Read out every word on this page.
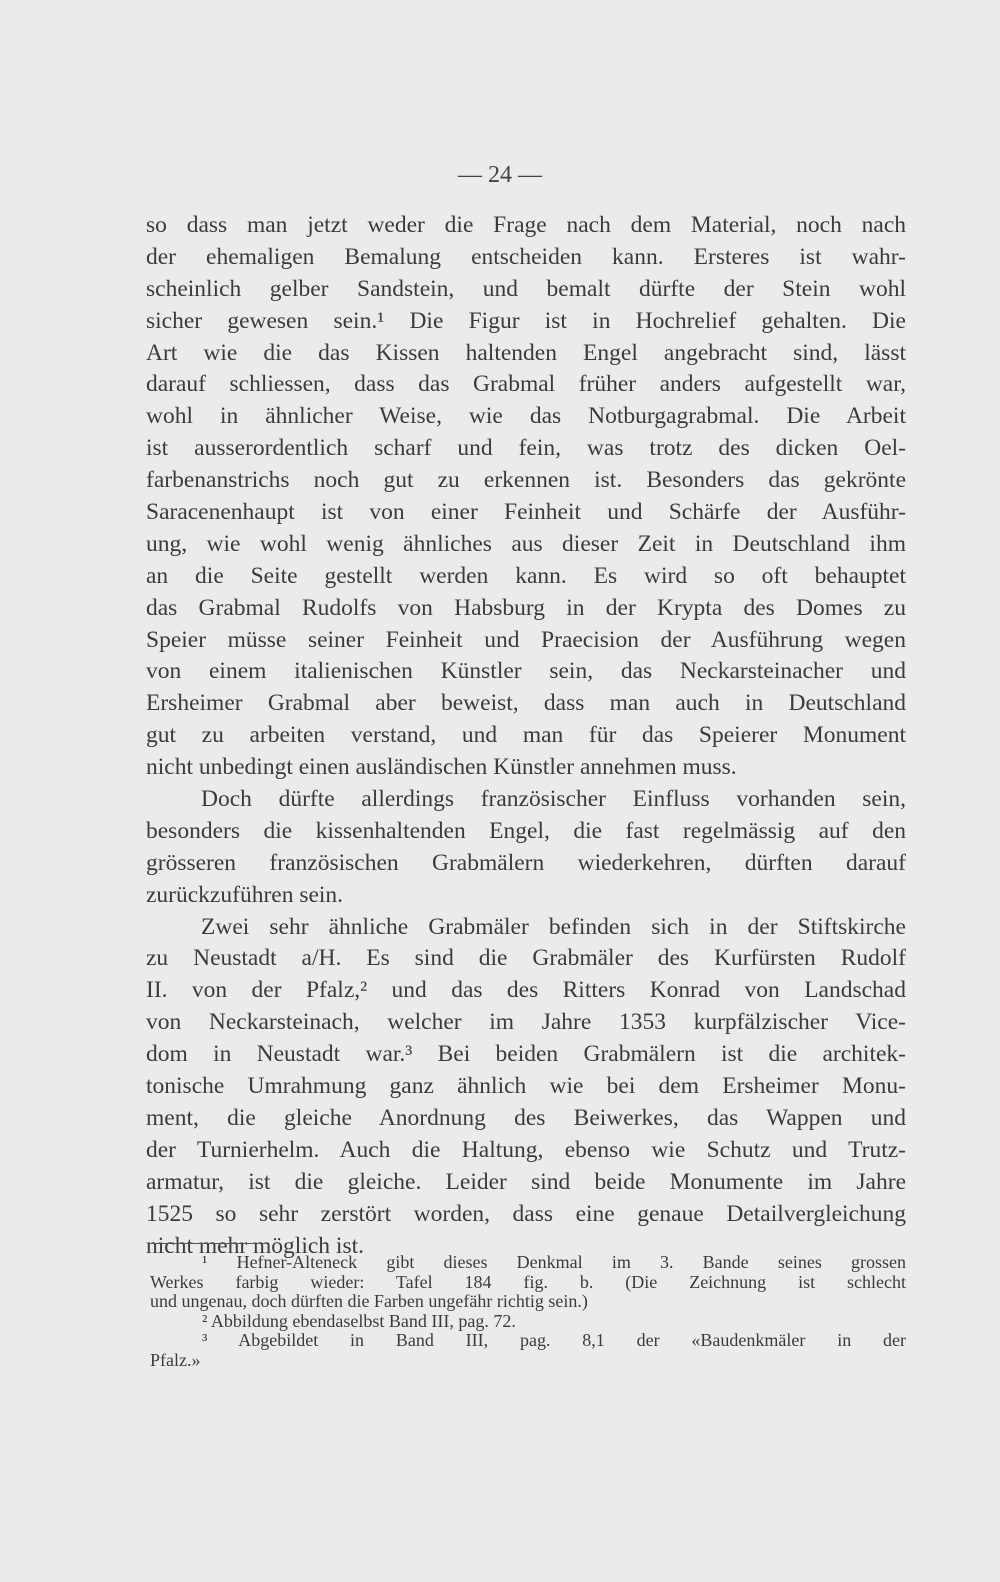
— 24 —
so dass man jetzt weder die Frage nach dem Material, noch nach
der ehemaligen Bemalung entscheiden kann. Ersteres ist wahr-
scheinlich gelber Sandstein, und bemalt dürfte der Stein wohl
sicher gewesen sein.¹ Die Figur ist in Hochrelief gehalten. Die
Art wie die das Kissen haltenden Engel angebracht sind, lässt
darauf schliessen, dass das Grabmal früher anders aufgestellt war,
wohl in ähnlicher Weise, wie das Notburgagrabmal. Die Arbeit
ist ausserordentlich scharf und fein, was trotz des dicken Oel-
farbenanstrichs noch gut zu erkennen ist. Besonders das gekrönte
Saracenenhaupt ist von einer Feinheit und Schärfe der Ausführ-
ung, wie wohl wenig ähnliches aus dieser Zeit in Deutschland ihm
an die Seite gestellt werden kann. Es wird so oft behauptet
das Grabmal Rudolfs von Habsburg in der Krypta des Domes zu
Speier müsse seiner Feinheit und Praecision der Ausführung wegen
von einem italienischen Künstler sein, das Neckarsteinacher und
Ersheimer Grabmal aber beweist, dass man auch in Deutschland
gut zu arbeiten verstand, und man für das Speierer Monument
nicht unbedingt einen ausländischen Künstler annehmen muss.
Doch dürfte allerdings französischer Einfluss vorhanden sein,
besonders die kissenhaltenden Engel, die fast regelmässig auf den
grösseren französischen Grabmälern wiederkehren, dürften darauf
zurückzuführen sein.
Zwei sehr ähnliche Grabmäler befinden sich in der Stiftskirche
zu Neustadt a/H. Es sind die Grabmäler des Kurfürsten Rudolf
II. von der Pfalz,² und das des Ritters Konrad von Landschad
von Neckarsteinach, welcher im Jahre 1353 kurpfälzischer Vice-
dom in Neustadt war.³ Bei beiden Grabmälern ist die architek-
tonische Umrahmung ganz ähnlich wie bei dem Ersheimer Monu-
ment, die gleiche Anordnung des Beiwerkes, das Wappen und
der Turnierhelm. Auch die Haltung, ebenso wie Schutz und Trutz-
armatur, ist die gleiche. Leider sind beide Monumente im Jahre
1525 so sehr zerstört worden, dass eine genaue Detailvergleichung
nicht mehr möglich ist.
¹ Hefner-Alteneck gibt dieses Denkmal im 3. Bande seines grossen
Werkes farbig wieder: Tafel 184 fig. b. (Die Zeichnung ist schlecht
und ungenau, doch dürften die Farben ungefähr richtig sein.)
² Abbildung ebendaselbst Band III, pag. 72.
³ Abgebildet in Band III, pag. 8,1 der «Baudenkmäler in der
Pfalz.»
